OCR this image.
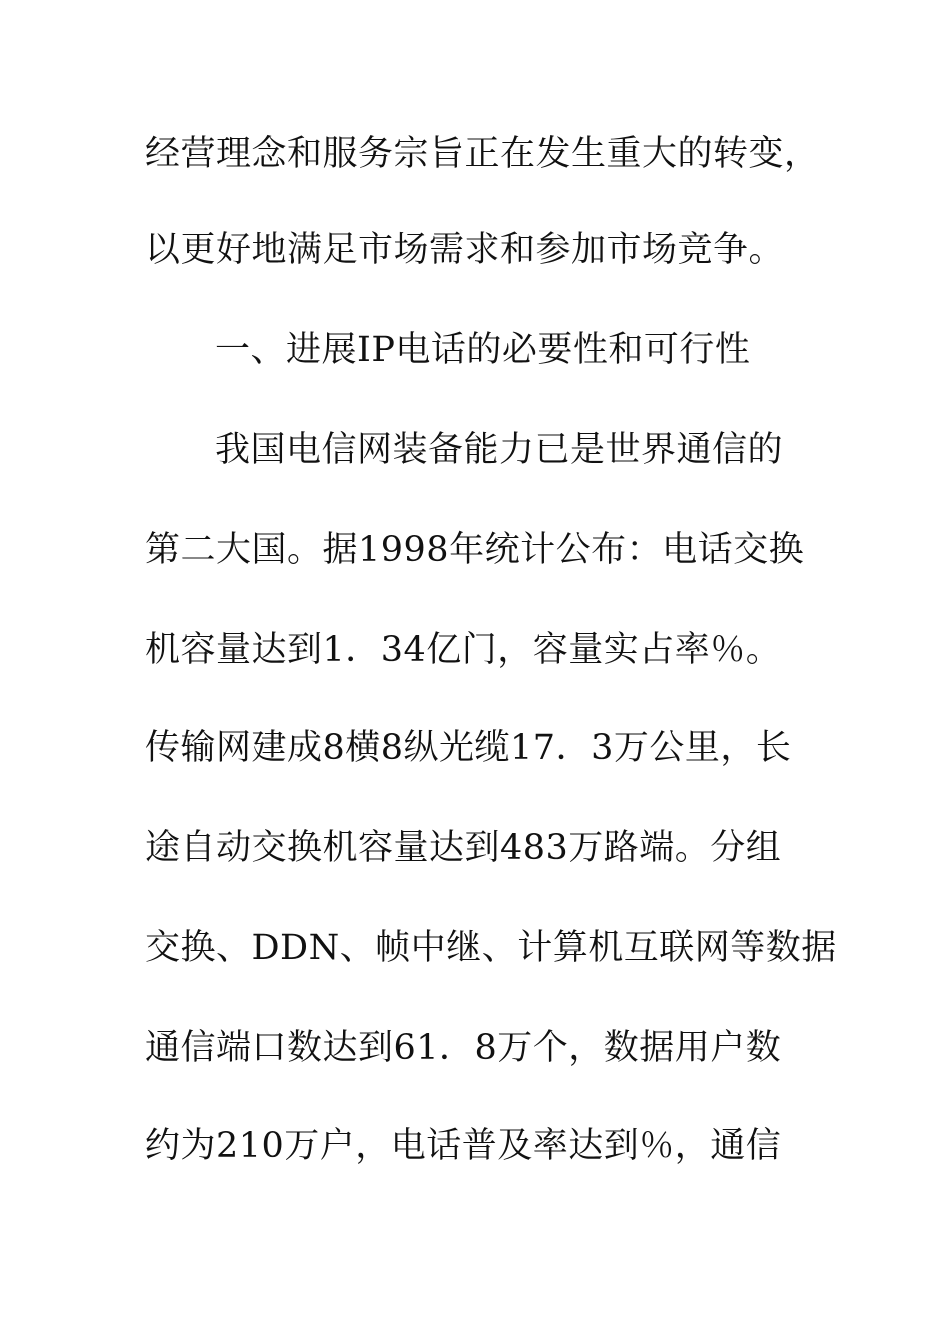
经营理念和服务宗旨正在发生重大的转变，
以更好地满足市场需求和参加市场竞争。
一、进展IP电话的必要性和可行性
我国电信网装备能力已是世界通信的
第二大国。据1998年统计公布：电话交换
机容量达到1．34亿门，容量实占率％。
传输网建成8横8纵光缆17．3万公里，长
途自动交换机容量达到483万路端。分组
交换、DDN、帧中继、计算机互联网等数据
通信端口数达到61．8万个，数据用户数
约为210万户，电话普及率达到％，通信
